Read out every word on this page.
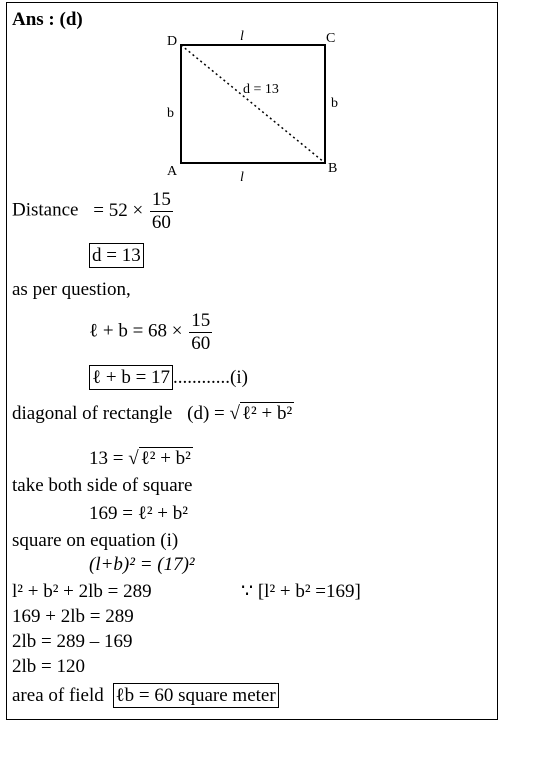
Ans : (d)
D	C
A	B
l
l
b
b
d = 13
Distance = $52 \times \frac{15}{60}$
d = 13
as per question,
ℓ + $b = 68 \times \frac{15}{60}$
ℓ + b = 17 ............(i)
diagonal of rectangle (d) = √ ℓ² + b²
13 = √ ℓ² + b²
take both side of square
169 = ℓ² + b²
square on equation (i)
(l+b)² = (17)²
l² + b² + 2lb = 289	∵ [l² + b² =169]
169 + 2lb = 289
2lb = 289 – 169
2lb = 120
area of field ℓb = 60 square meter
